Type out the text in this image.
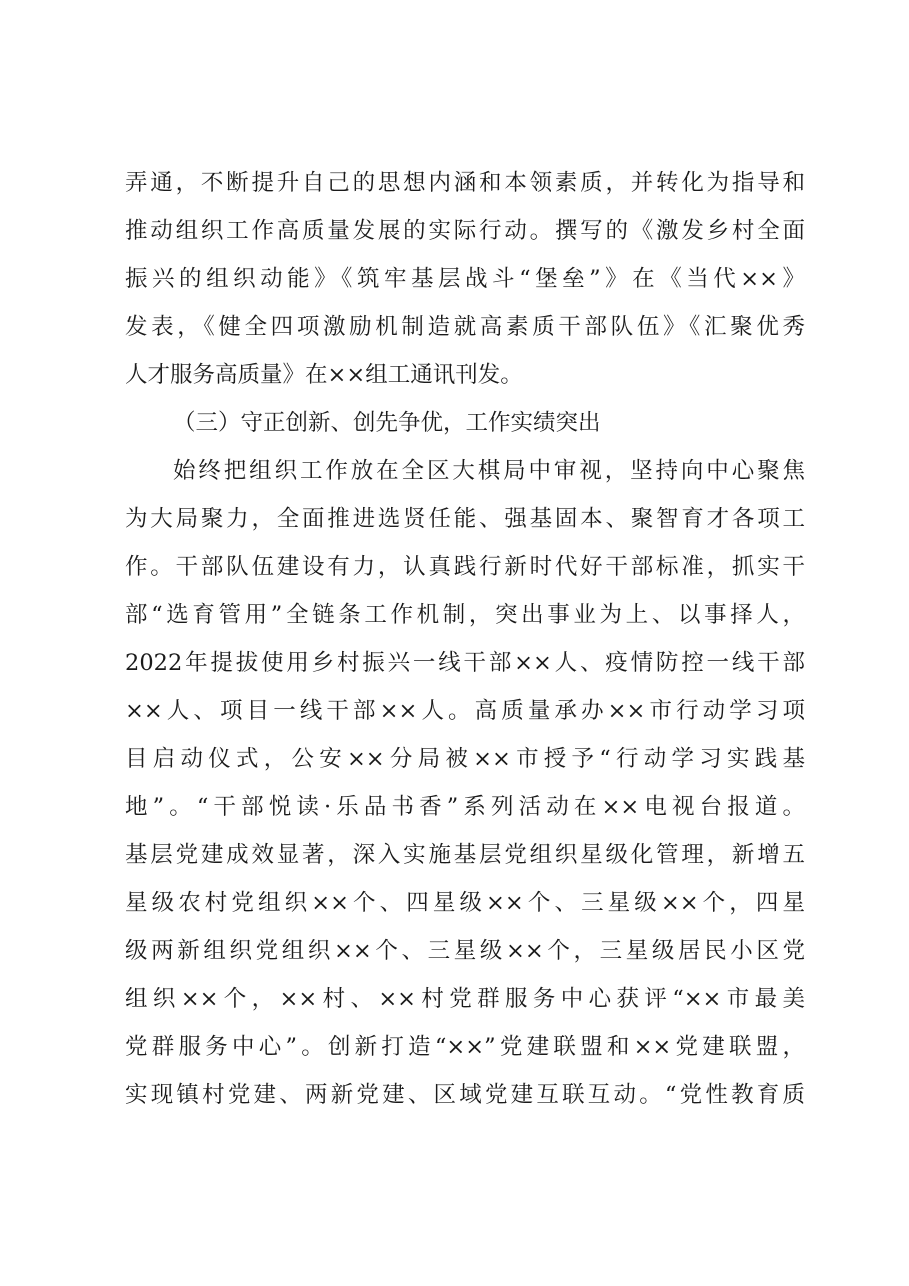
弄通，不断提升自己的思想内涵和本领素质，并转化为指导和
推动组织工作高质量发展的实际行动。撰写的《激发乡村全面
振兴的组织动能》《筑牢基层战斗“堡垒”》在《当代××》
发表，《健全四项激励机制造就高素质干部队伍》《汇聚优秀
人才服务高质量》在××组工通讯刊发。
（三）守正创新、创先争优，工作实绩突出
始终把组织工作放在全区大棋局中审视，坚持向中心聚焦
为大局聚力，全面推进选贤任能、强基固本、聚智育才各项工
作。干部队伍建设有力，认真践行新时代好干部标准，抓实干
部“选育管用”全链条工作机制，突出事业为上、以事择人，
2022年提拔使用乡村振兴一线干部××人、疫情防控一线干部
××人、项目一线干部××人。高质量承办××市行动学习项
目启动仪式，公安××分局被××市授予“行动学习实践基
地”。“干部悦读·乐品书香”系列活动在××电视台报道。
基层党建成效显著，深入实施基层党组织星级化管理，新增五
星级农村党组织××个、四星级××个、三星级××个，四星
级两新组织党组织××个、三星级××个，三星级居民小区党
组织××个，××村、××村党群服务中心获评“××市最美
党群服务中心”。创新打造“××”党建联盟和××党建联盟，
实现镇村党建、两新党建、区域党建互联互动。“党性教育质
